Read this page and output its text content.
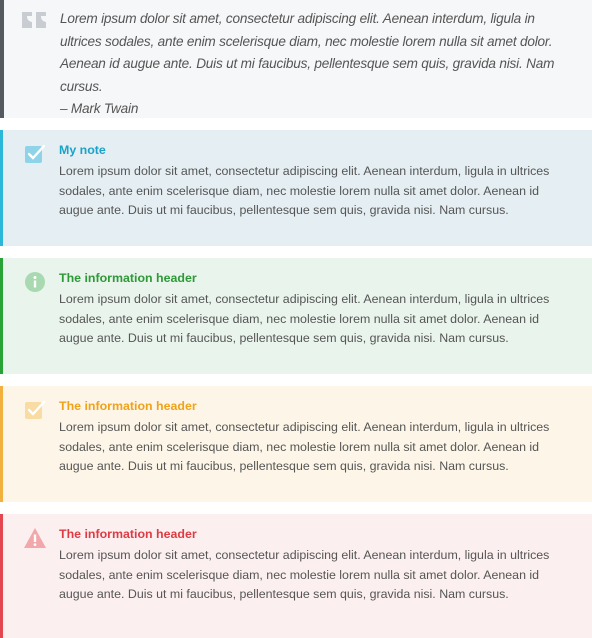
Lorem ipsum dolor sit amet, consectetur adipiscing elit. Aenean interdum, ligula in ultrices sodales, ante enim scelerisque diam, nec molestie lorem nulla sit amet dolor. Aenean id augue ante. Duis ut mi faucibus, pellentesque sem quis, gravida nisi. Nam cursus.
– Mark Twain
My note
Lorem ipsum dolor sit amet, consectetur adipiscing elit. Aenean interdum, ligula in ultrices sodales, ante enim scelerisque diam, nec molestie lorem nulla sit amet dolor. Aenean id augue ante. Duis ut mi faucibus, pellentesque sem quis, gravida nisi. Nam cursus.
The information header
Lorem ipsum dolor sit amet, consectetur adipiscing elit. Aenean interdum, ligula in ultrices sodales, ante enim scelerisque diam, nec molestie lorem nulla sit amet dolor. Aenean id augue ante. Duis ut mi faucibus, pellentesque sem quis, gravida nisi. Nam cursus.
The information header
Lorem ipsum dolor sit amet, consectetur adipiscing elit. Aenean interdum, ligula in ultrices sodales, ante enim scelerisque diam, nec molestie lorem nulla sit amet dolor. Aenean id augue ante. Duis ut mi faucibus, pellentesque sem quis, gravida nisi. Nam cursus.
The information header
Lorem ipsum dolor sit amet, consectetur adipiscing elit. Aenean interdum, ligula in ultrices sodales, ante enim scelerisque diam, nec molestie lorem nulla sit amet dolor. Aenean id augue ante. Duis ut mi faucibus, pellentesque sem quis, gravida nisi. Nam cursus.
